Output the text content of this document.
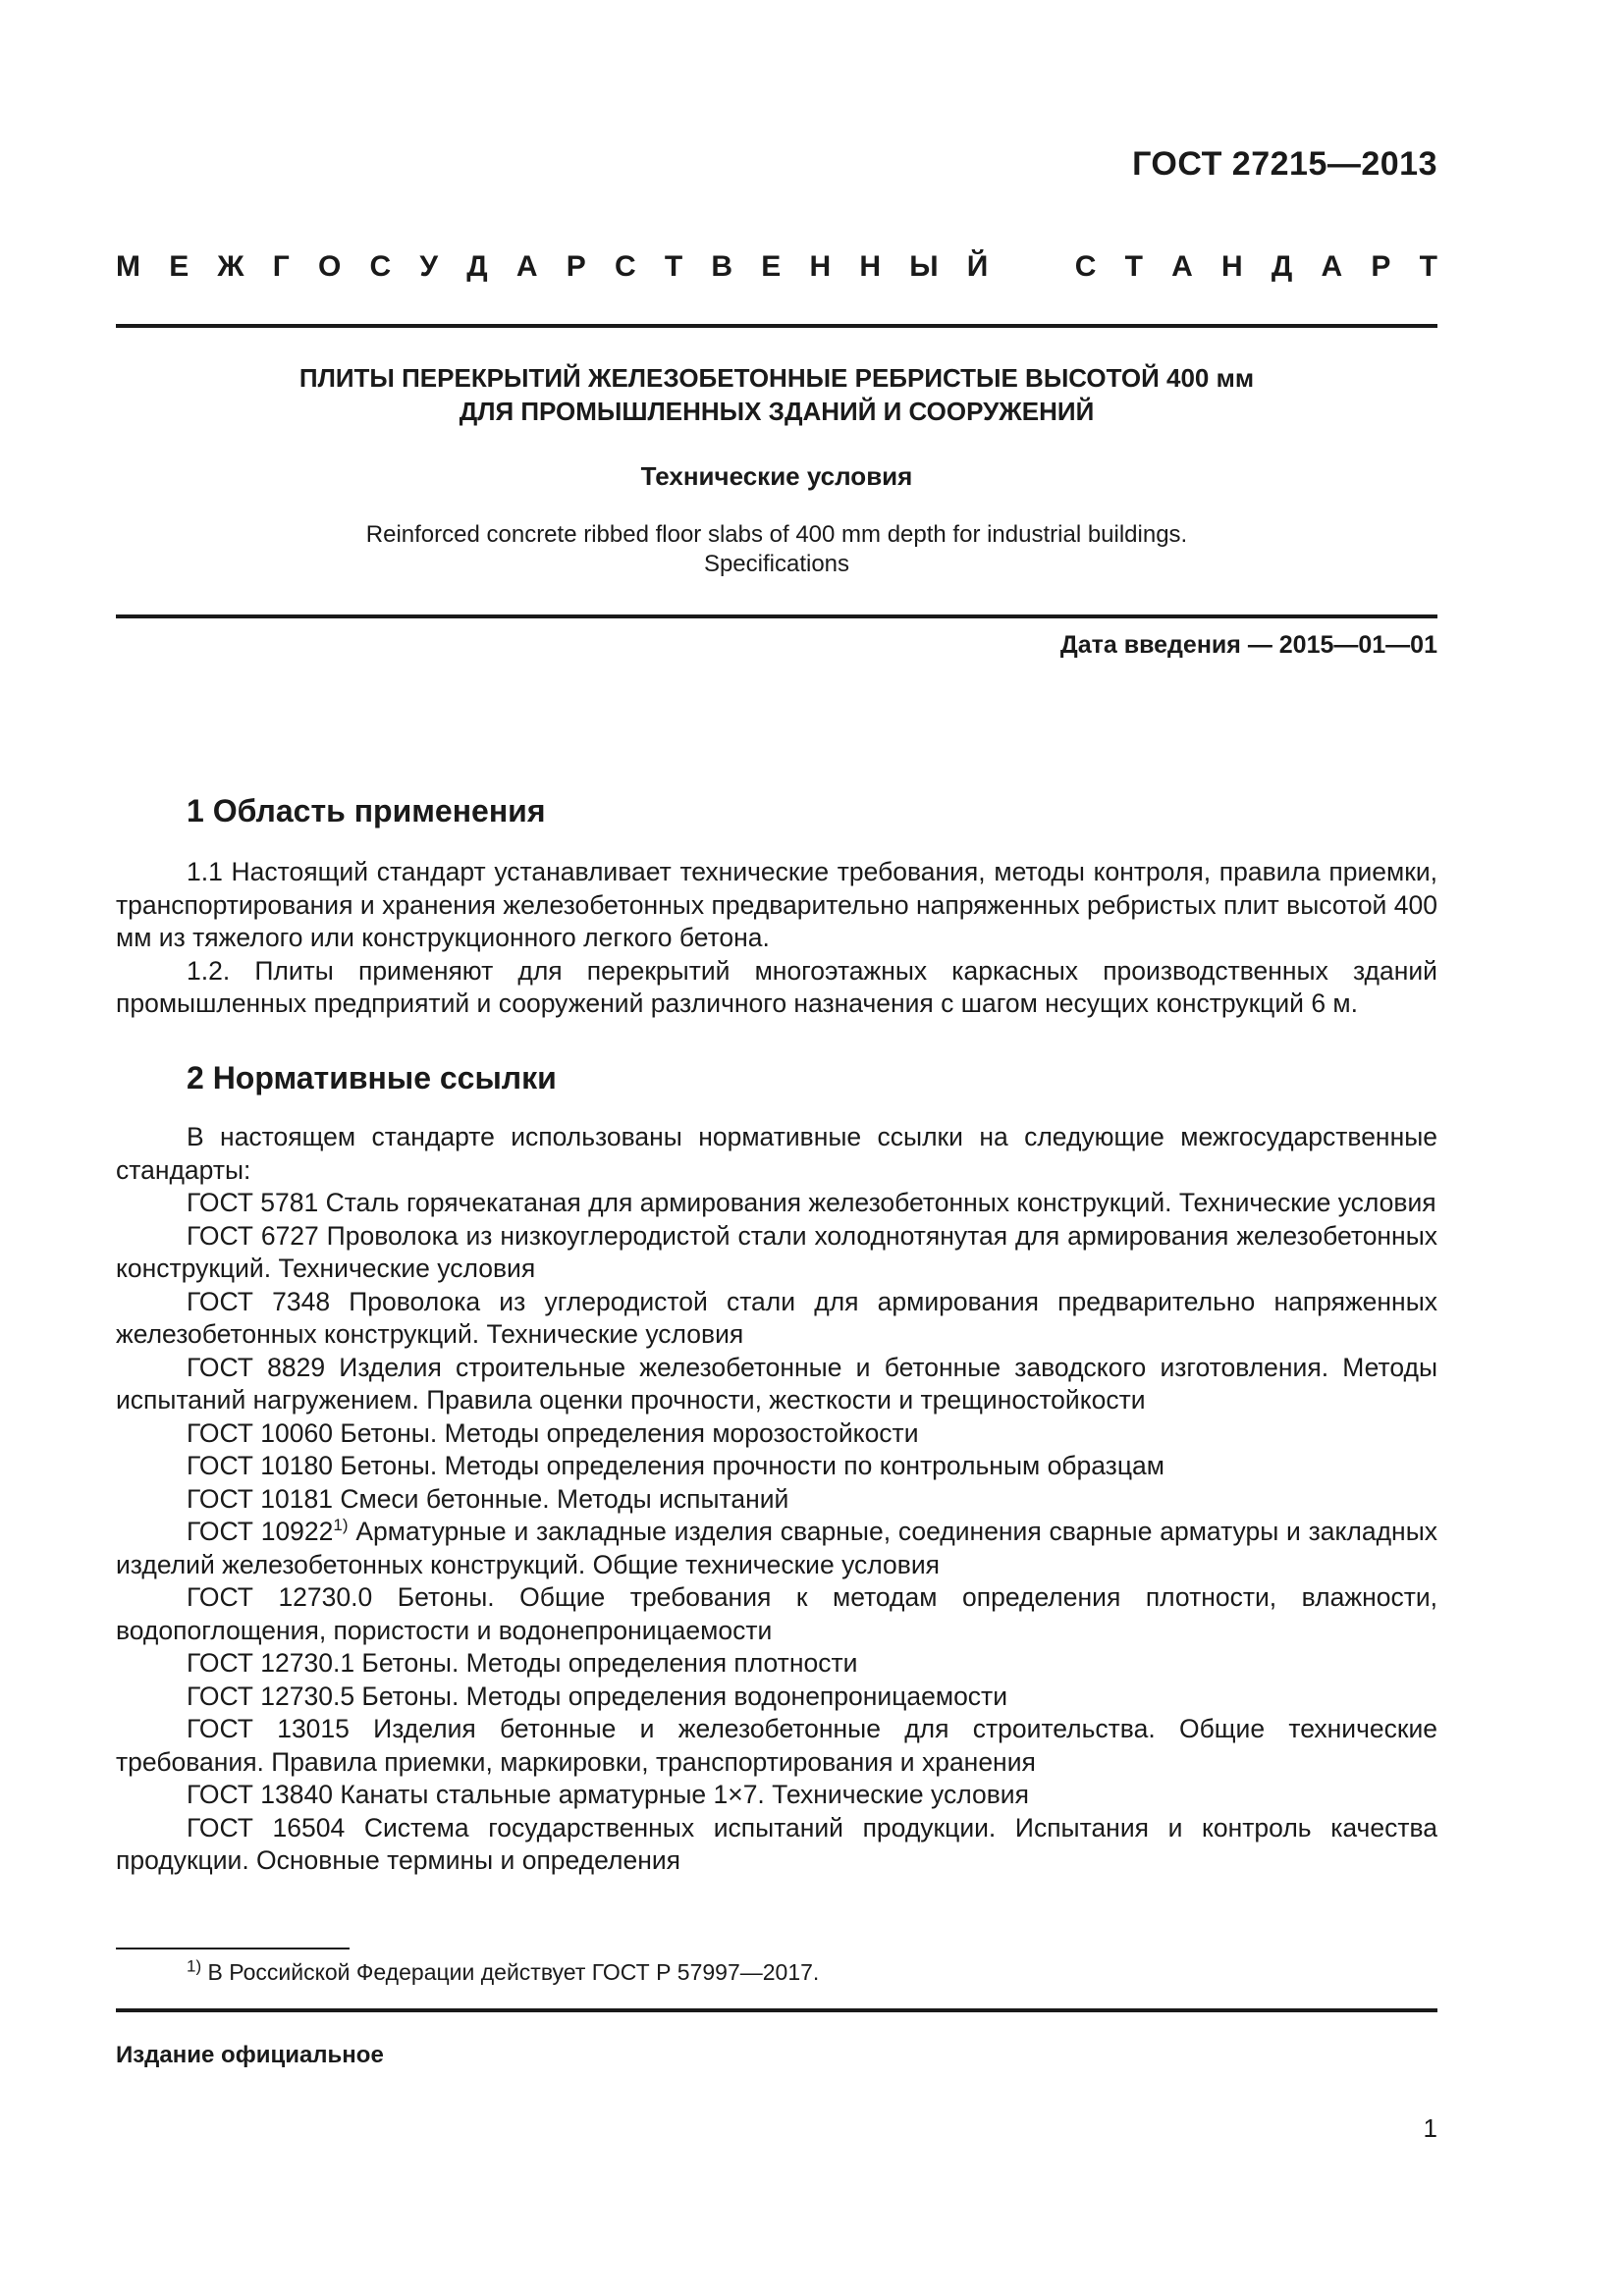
ГОСТ 27215—2013
М Е Ж Г О С У Д А Р С Т В Е Н Н Ы Й	С Т А Н Д А Р Т
ПЛИТЫ ПЕРЕКРЫТИЙ ЖЕЛЕЗОБЕТОННЫЕ РЕБРИСТЫЕ ВЫСОТОЙ 400 мм
ДЛЯ ПРОМЫШЛЕННЫХ ЗДАНИЙ И СООРУЖЕНИЙ
Технические условия
Reinforced concrete ribbed floor slabs of 400 mm depth for industrial buildings.
Specifications
Дата введения — 2015—01—01
1 Область применения

1.1 Настоящий стандарт устанавливает технические требования, методы контроля, правила приемки, транспортирования и хранения железобетонных предварительно напряженных ребристых плит высотой 400 мм из тяжелого или конструкционного легкого бетона.

1.2. Плиты применяют для перекрытий многоэтажных каркасных производственных зданий промышленных предприятий и сооружений различного назначения с шагом несущих конструкций 6 м.

2 Нормативные ссылки

В настоящем стандарте использованы нормативные ссылки на следующие межгосударственные стандарты:

ГОСТ 5781 Сталь горячекатаная для армирования железобетонных конструкций. Технические условия

ГОСТ 6727 Проволока из низкоуглеродистой стали холоднотянутая для армирования железобетонных конструкций. Технические условия

ГОСТ 7348 Проволока из углеродистой стали для армирования предварительно напряженных железобетонных конструкций. Технические условия

ГОСТ 8829 Изделия строительные железобетонные и бетонные заводского изготовления. Методы испытаний нагружением. Правила оценки прочности, жесткости и трещиностойкости

ГОСТ 10060 Бетоны. Методы определения морозостойкости

ГОСТ 10180 Бетоны. Методы определения прочности по контрольным образцам

ГОСТ 10181 Смеси бетонные. Методы испытаний

ГОСТ 10922$^{1)}$ Арматурные и закладные изделия сварные, соединения сварные арматуры и закладных изделий железобетонных конструкций. Общие технические условия

ГОСТ 12730.0 Бетоны. Общие требования к методам определения плотности, влажности, водопоглощения, пористости и водонепроницаемости

ГОСТ 12730.1 Бетоны. Методы определения плотности

ГОСТ 12730.5 Бетоны. Методы определения водонепроницаемости

ГОСТ 13015 Изделия бетонные и железобетонные для строительства. Общие технические требования. Правила приемки, маркировки, транспортирования и хранения

ГОСТ 13840 Канаты стальные арматурные 1×7. Технические условия

ГОСТ 16504 Система государственных испытаний продукции. Испытания и контроль качества продукции. Основные термины и определения

$^{1)}$ В Российской Федерации действует ГОСТ Р 57997—2017.
Издание официальное
1
